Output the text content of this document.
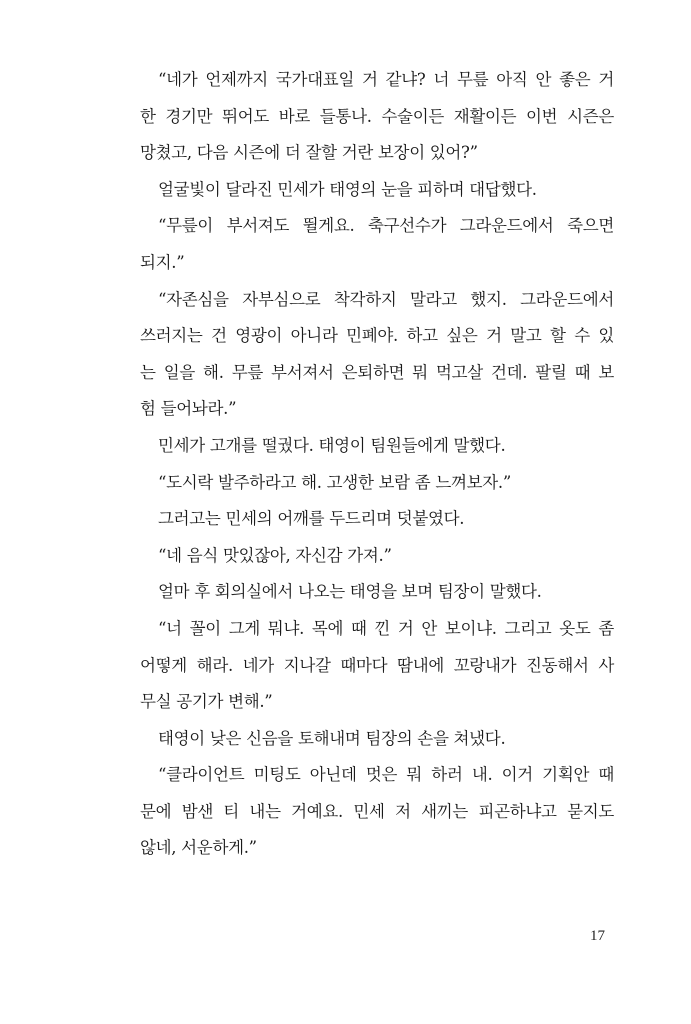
“네가 언제까지 국가대표일 거 같냐? 너 무릎 아직 안 좋은 거
한 경기만 뛰어도 바로 들통나. 수술이든 재활이든 이번 시즌은
망쳤고, 다음 시즌에 더 잘할 거란 보장이 있어?”
얼굴빛이 달라진 민세가 태영의 눈을 피하며 대답했다.
“무릎이 부서져도 뛸게요. 축구선수가 그라운드에서 죽으면
되지.”
“자존심을 자부심으로 착각하지 말라고 했지. 그라운드에서
쓰러지는 건 영광이 아니라 민폐야. 하고 싶은 거 말고 할 수 있
는 일을 해. 무릎 부서져서 은퇴하면 뭐 먹고살 건데. 팔릴 때 보
험 들어놔라.”
민세가 고개를 떨궜다. 태영이 팀원들에게 말했다.
“도시락 발주하라고 해. 고생한 보람 좀 느껴보자.”
그러고는 민세의 어깨를 두드리며 덧붙였다.
“네 음식 맛있잖아, 자신감 가져.”
얼마 후 회의실에서 나오는 태영을 보며 팀장이 말했다.
“너 꼴이 그게 뭐냐. 목에 때 낀 거 안 보이냐. 그리고 옷도 좀
어떻게 해라. 네가 지나갈 때마다 땀내에 꼬랑내가 진동해서 사
무실 공기가 변해.”
태영이 낮은 신음을 토해내며 팀장의 손을 쳐냈다.
“클라이언트 미팅도 아닌데 멋은 뭐 하러 내. 이거 기획안 때
문에 밤샌 티 내는 거예요. 민세 저 새끼는 피곤하냐고 묻지도
않네, 서운하게.”
17
